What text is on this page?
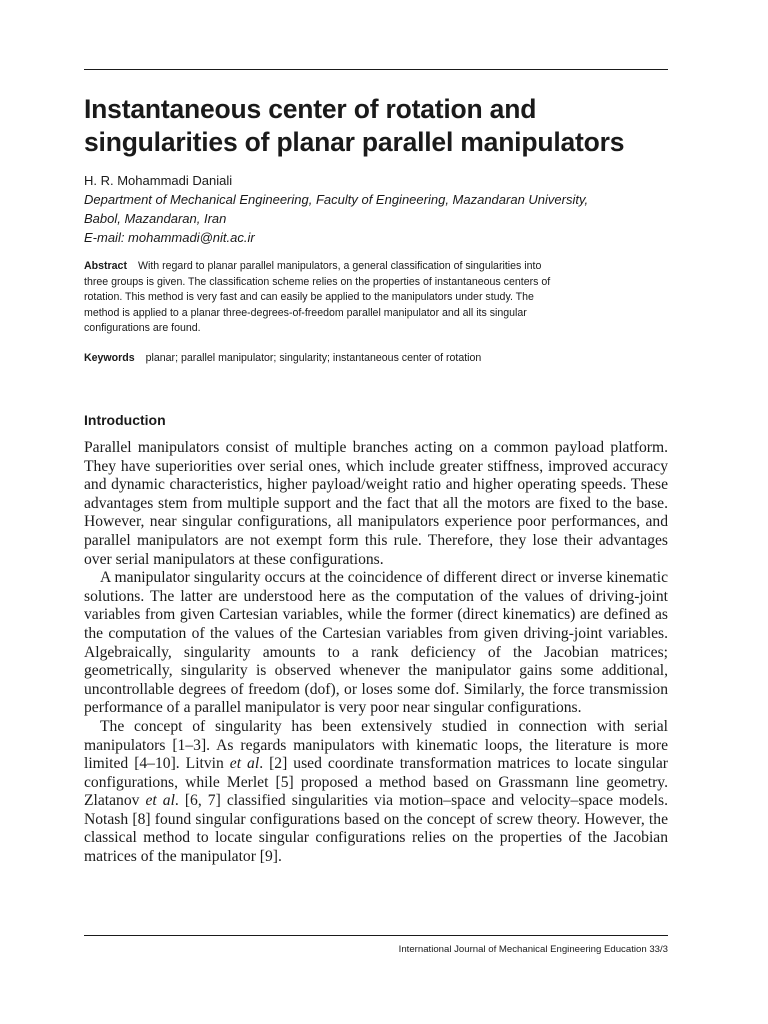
Instantaneous center of rotation and
singularities of planar parallel manipulators
H. R. Mohammadi Daniali
Department of Mechanical Engineering, Faculty of Engineering, Mazandaran University,
Babol, Mazandaran, Iran
E-mail: mohammadi@nit.ac.ir
Abstract With regard to planar parallel manipulators, a general classification of singularities into
three groups is given. The classification scheme relies on the properties of instantaneous centers of
rotation. This method is very fast and can easily be applied to the manipulators under study. The
method is applied to a planar three-degrees-of-freedom parallel manipulator and all its singular
configurations are found.
Keywords planar; parallel manipulator; singularity; instantaneous center of rotation
Introduction

Parallel manipulators consist of multiple branches acting on a common payload platform. They have superiorities over serial ones, which include greater stiffness, improved accuracy and dynamic characteristics, higher payload/weight ratio and higher operating speeds. These advantages stem from multiple support and the fact that all the motors are fixed to the base. However, near singular configurations, all manipulators experience poor performances, and parallel manipulators are not exempt form this rule. Therefore, they lose their advantages over serial manipulators at these configurations.

A manipulator singularity occurs at the coincidence of different direct or inverse kinematic solutions. The latter are understood here as the computation of the values of driving-joint variables from given Cartesian variables, while the former (direct kinematics) are defined as the computation of the values of the Cartesian variables from given driving-joint variables. Algebraically, singularity amounts to a rank deficiency of the Jacobian matrices; geometrically, singularity is observed whenever the manipulator gains some additional, uncontrollable degrees of freedom (dof), or loses some dof. Similarly, the force transmission performance of a parallel manipulator is very poor near singular configurations.

The concept of singularity has been extensively studied in connection with serial manipulators [1–3]. As regards manipulators with kinematic loops, the literature is more limited [4–10]. Litvin et al. [2] used coordinate transformation matrices to locate singular configurations, while Merlet [5] proposed a method based on Grassmann line geometry. Zlatanov et al. [6, 7] classified singularities via motion–space and velocity–space models. Notash [8] found singular configurations based on the concept of screw theory. However, the classical method to locate singular configurations relies on the properties of the Jacobian matrices of the manipulator [9].

International Journal of Mechanical Engineering Education 33/3
